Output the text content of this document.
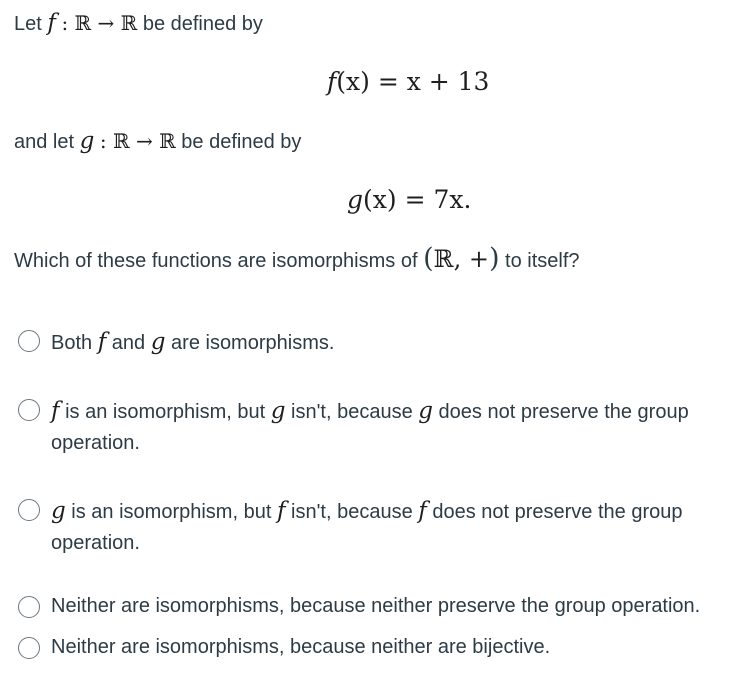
Let f : ℝ → ℝ be defined by
f(x) = x + 13
and let g : ℝ → ℝ be defined by
g(x) = 7x.
Which of these functions are isomorphisms of (ℝ, +) to itself?
Both f and g are isomorphisms.
f is an isomorphism, but g isn't, because g does not preserve the group operation.
g is an isomorphism, but f isn't, because f does not preserve the group operation.
Neither are isomorphisms, because neither preserve the group operation.
Neither are isomorphisms, because neither are bijective.
